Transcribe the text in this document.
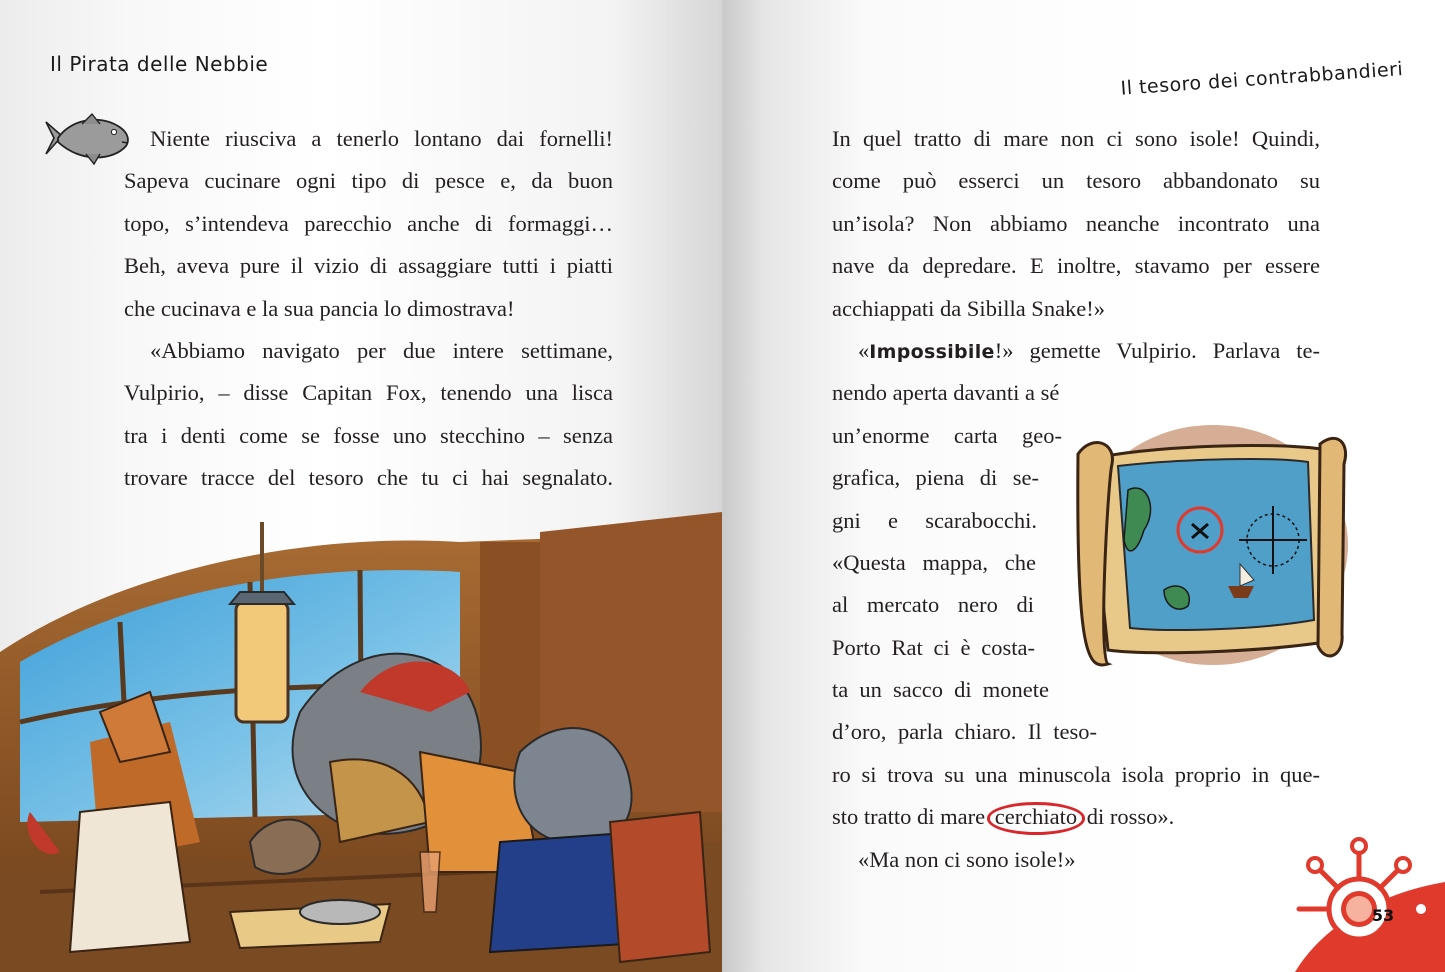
Il Pirata delle Nebbie	Il tesoro dei contrabbandieri
Niente riusciva a tenerlo lontano dai fornelli!
Sapeva cucinare ogni tipo di pesce e, da buon
topo, s’intendeva parecchio anche di formaggi…
Beh, aveva pure il vizio di assaggiare tutti i piatti
che cucinava e la sua pancia lo dimostrava!
«Abbiamo navigato per due intere settimane,
Vulpirio, – disse Capitan Fox, tenendo una lisca
tra i denti come se fosse uno stecchino – senza
trovare tracce del tesoro che tu ci hai segnalato.
In quel tratto di mare non ci sono isole! Quindi,
come può esserci un tesoro abbandonato su
un’isola? Non abbiamo neanche incontrato una
nave da depredare. E inoltre, stavamo per essere
acchiappati da Sibilla Snake!»
«Impossibile!» gemette Vulpirio. Parlava te-
nendo aperta davanti a sé
un’enorme carta geo-
grafica, piena di se-
gni e scarabocchi.
«Questa mappa, che
al mercato nero di
Porto Rat ci è costa-
ta un sacco di monete
d’oro, parla chiaro. Il teso-
ro si trova su una minuscola isola proprio in que-
sto tratto di mare cerchiato di rosso».
«Ma non ci sono isole!»
53
